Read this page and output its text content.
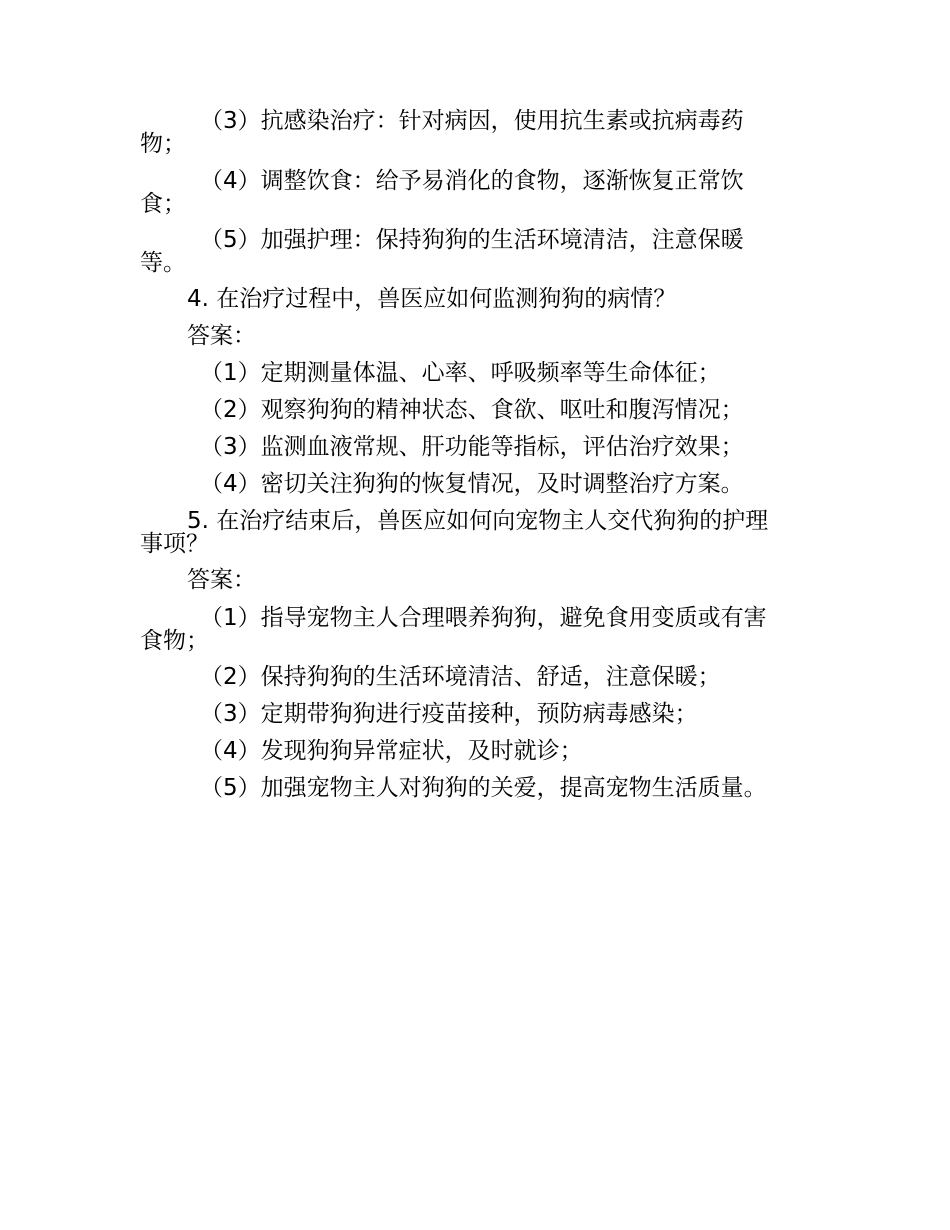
（3）抗感染治疗：针对病因，使用抗生素或抗病毒药
物；
（4）调整饮食：给予易消化的食物，逐渐恢复正常饮
食；
（5）加强护理：保持狗狗的生活环境清洁，注意保暖
等。
4. 在治疗过程中，兽医应如何监测狗狗的病情？
答案：
（1）定期测量体温、心率、呼吸频率等生命体征；
（2）观察狗狗的精神状态、食欲、呕吐和腹泻情况；
（3）监测血液常规、肝功能等指标，评估治疗效果；
（4）密切关注狗狗的恢复情况，及时调整治疗方案。
5. 在治疗结束后，兽医应如何向宠物主人交代狗狗的护理
事项？
答案：
（1）指导宠物主人合理喂养狗狗，避免食用变质或有害
食物；
（2）保持狗狗的生活环境清洁、舒适，注意保暖；
（3）定期带狗狗进行疫苗接种，预防病毒感染；
（4）发现狗狗异常症状，及时就诊；
（5）加强宠物主人对狗狗的关爱，提高宠物生活质量。
